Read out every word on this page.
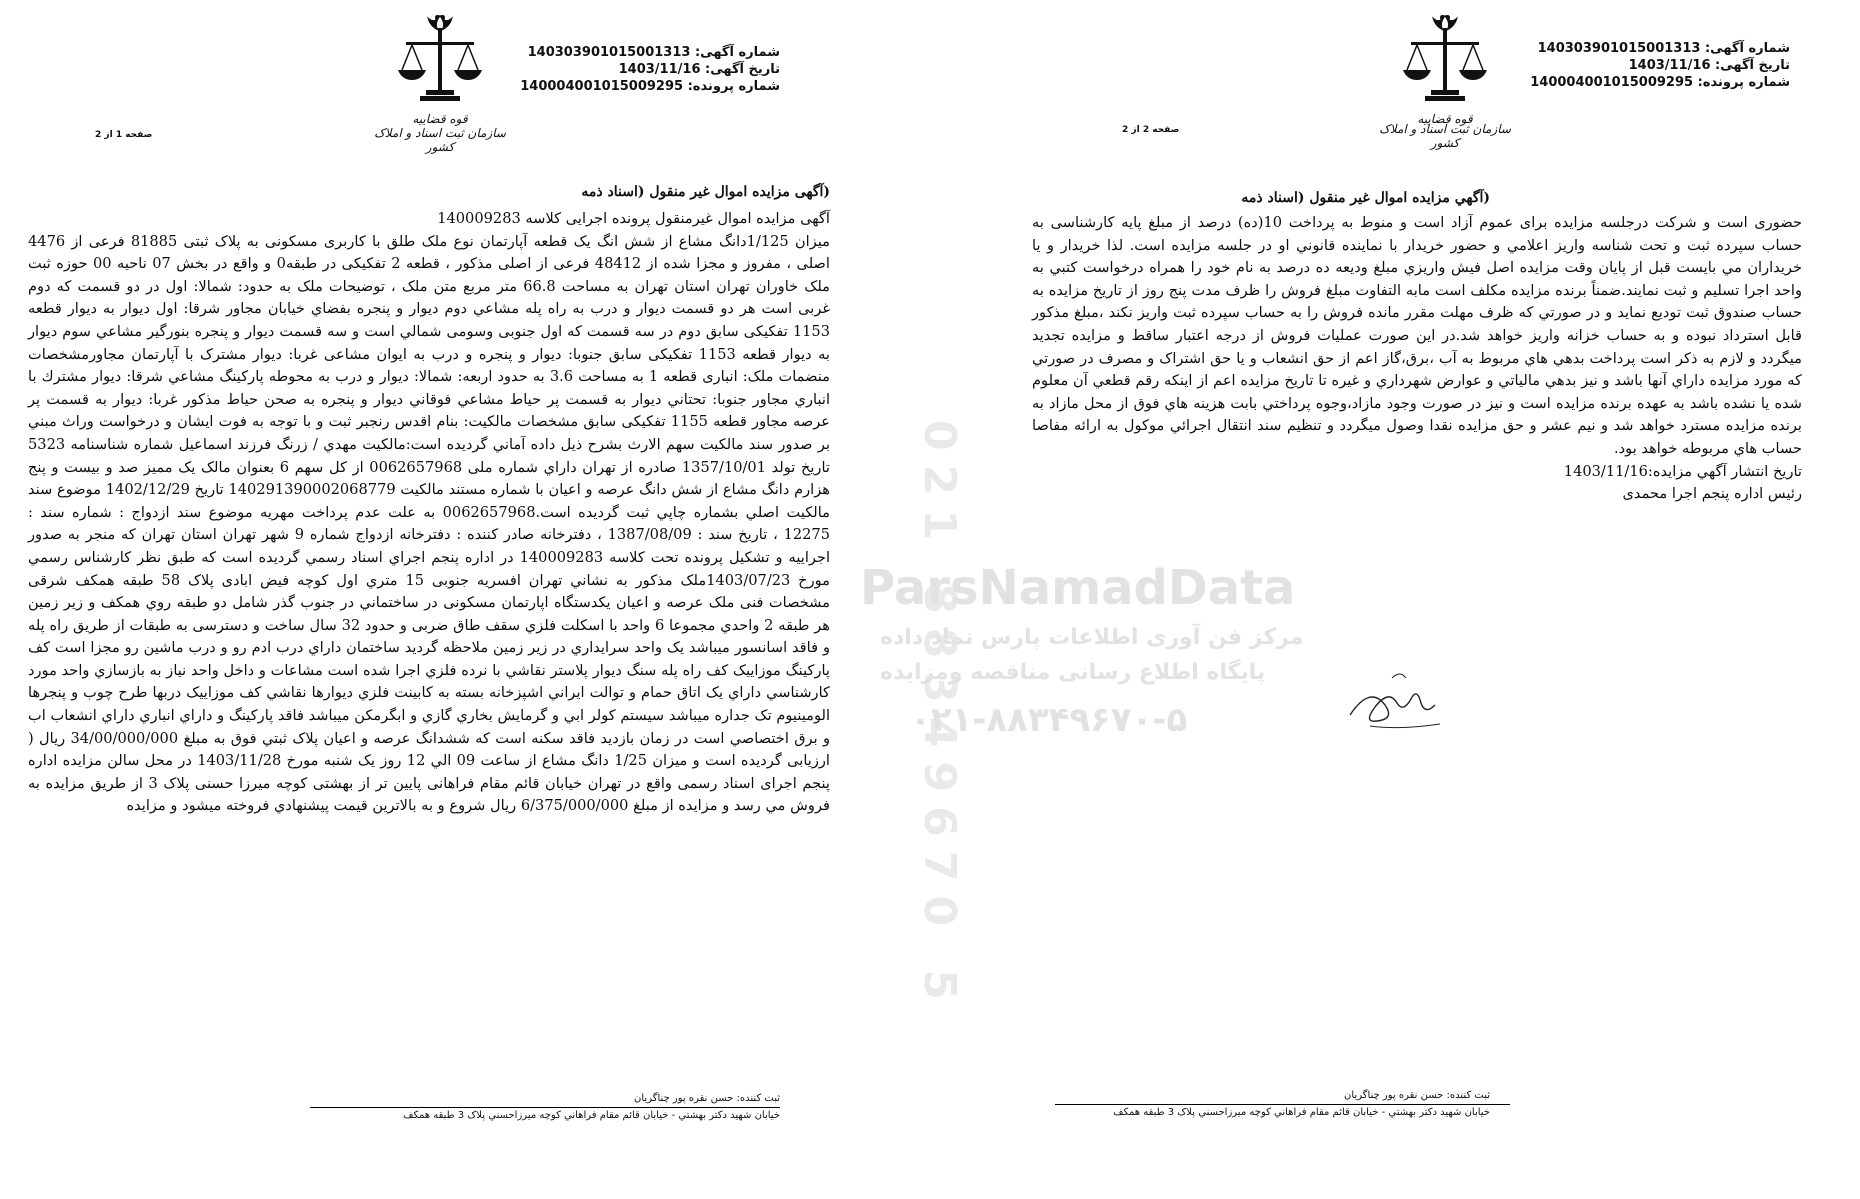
قوه قضاییه
سازمان ثبت اسناد و املاک کشور
شماره آگهی: 140303901015001313
تاریخ آگهی: 1403/11/16
شماره پرونده: 140004001015009295
صفحه 1 از 2
(آگهی مزایده اموال غیر منقول (اسناد ذمه

آگهی مزایده اموال غیرمنقول پرونده اجرایی کلاسه 140009283

میزان 1/125دانگ مشاع از شش انگ یک قطعه آپارتمان نوع ملک طلق با کاربری مسکونی به پلاک ثبتی 81885 فرعی از 4476 اصلی ، مفروز و مجزا شده از 48412 فرعی از اصلی مذکور ، قطعه 2 تفکیکی در طبقه0 و واقع در بخش 07 ناحیه 00 حوزه ثبت ملک خاوران تهران استان تهران به مساحت 66.8 متر مربع متن ملک ، توضیحات ملک به حدود: شمالا: اول در دو قسمت که دوم غربی است هر دو قسمت دیوار و درب به راه پله مشاعي دوم دیوار و پنجره بفضاي خیابان مجاور شرقا: اول دیوار به دیوار قطعه 1153 تفکیکی سابق دوم در سه قسمت که اول جنوبی وسومی شمالي است و سه قسمت دیوار و پنجره بنورگیر مشاعي سوم دیوار به دیوار قطعه 1153 تفکیکی سابق جنوبا: دیوار و پنجره و درب به ایوان مشاعی غربا: دیوار مشترک با آپارتمان مجاورمشخصات منضمات ملک: انباری قطعه 1 به مساحت 3.6 به حدود اربعه: شمالا: دیوار و درب به محوطه پارکینگ مشاعي شرقا: دیوار مشترك با انباري مجاور جنوبا: تحتاني دیوار به قسمت پر حیاط مشاعي فوقاني دیوار و پنجره به صحن حیاط مذکور غربا: دیوار به قسمت پر عرصه مجاور قطعه 1155 تفکیکی سابق مشخصات مالکیت: بنام اقدس رنجبر ثبت و با توجه به فوت ایشان و درخواست وراث مبني بر صدور سند مالکیت سهم الارث بشرح ذیل داده آماني گردیده است:مالکیت مهدي / زرنگ فرزند اسماعیل شماره شناسنامه 5323 تاریخ تولد 1357/10/01 صادره از تهران داراي شماره ملی 0062657968 از کل سهم 6 بعنوان مالک یک ممیز صد و بیست و پنج هزارم دانگ مشاع از شش دانگ عرصه و اعیان با شماره مستند مالکیت 140291390002068779 تاریخ 1402/12/29 موضوع سند مالکیت اصلي بشماره چاپي ثبت گردیده است.0062657968 به علت عدم پرداخت مهریه موضوع سند ازدواج : شماره سند : 12275 ، تاریخ سند : 1387/08/09 ، دفترخانه صادر کننده : دفترخانه ازدواج شماره 9 شهر تهران استان تهران که منجر به صدور اجراییه و تشکیل پرونده تحت کلاسه 140009283 در اداره پنجم اجراي اسناد رسمي گردیده است که طبق نظر کارشناس رسمي مورخ 1403/07/23ملک مذکور به نشاني تهران افسریه جنوبی 15 متري اول کوچه فیض ابادی پلاک 58 طبقه همکف شرقی مشخصات فنی ملک عرصه و اعیان یکدستگاه اپارتمان مسکونی در ساختماني در جنوب گذر شامل دو طبقه روي همکف و زیر زمین هر طبقه 2 واحدي مجموعا 6 واحد با اسکلت فلزي سقف طاق ضربی و حدود 32 سال ساخت و دسترسی به طبقات از طریق راه پله و فاقد اسانسور میباشد یک واحد سرایداري در زیر زمین ملاحظه گردید ساختمان داراي درب ادم رو و درب ماشین رو مجزا است کف پارکینگ موزاییک کف راه پله سنگ دیوار پلاستر نقاشي با نرده فلزي اجرا شده است مشاعات و داخل واحد نیاز به بازسازي واحد مورد کارشناسي داراي یک اتاق حمام و توالت ایراني اشپزخانه بسته به کابینت فلزي دیوارها نقاشي کف موزاییک دربها طرح چوب و پنجرها الومینیوم تک جداره میباشد سیستم کولر ابي و گرمایش بخاري گازي و ابگرمکن میباشد فاقد پارکینگ و داراي انباري داراي انشعاب اب و برق اختصاصي است در زمان بازدید فاقد سکنه است که ششدانگ عرصه و اعیان پلاک ثبتي فوق به مبلغ 34/00/000/000 ریال ( ارزیابی گردیده است و میزان 1/25 دانگ مشاع از ساعت 09 الي 12 روز یک شنبه مورخ 1403/11/28 در محل سالن مزایده اداره پنجم اجرای اسناد رسمی واقع در تهران خیابان قائم مقام فراهانی پایین تر از بهشتی کوچه میرزا حسنی پلاک 3 از طریق مزایده به فروش مي رسد و مزایده از مبلغ 6/375/000/000 ریال شروع و به بالاترین قیمت پیشنهادي فروخته میشود و مزایده

ثبت کننده: حسن نقره پور چناگریان
خیابان شهید دکتر بهشتي - خیابان قائم مقام فراهاني کوچه میرزاحسني پلاک 3 طبقه همکف
قوه قضاییه
سازمان ثبت اسناد و املاک کشور
شماره آگهی: 140303901015001313
تاریخ آگهی: 1403/11/16
شماره پرونده: 140004001015009295
صفحه 2 از 2
(آگهي مزایده اموال غیر منقول (اسناد ذمه

حضوری است و شرکت درجلسه مزایده برای عموم آزاد است و منوط به پرداخت 10(ده) درصد از مبلغ پایه کارشناسی به حساب سپرده ثبت و تحت شناسه واریز اعلامي و حضور خریدار با نماینده قانوني او در جلسه مزایده است. لذا خریدار و یا خریداران مي بایست قبل از پایان وقت مزایده اصل فیش واریزي مبلغ ودیعه ده درصد به نام خود را همراه درخواست کتبي به واحد اجرا تسلیم و ثبت نمایند.ضمناً برنده مزایده مکلف است مابه التفاوت مبلغ فروش را ظرف مدت پنج روز از تاریخ مزایده به حساب صندوق ثبت تودیع نماید و در صورتي که ظرف مهلت مقرر مانده فروش را به حساب سپرده ثبت واریز نکند ،مبلغ مذکور قابل استرداد نبوده و به حساب خزانه واریز خواهد شد.در این صورت عملیات فروش از درجه اعتبار ساقط و مزایده تجدید میگردد و لازم به ذکر است پرداخت بدهي هاي مربوط به آب ،برق،گاز اعم از حق انشعاب و یا حق اشتراک و مصرف در صورتي که مورد مزایده داراي آنها باشد و نیز بدهي مالیاتي و عوارض شهرداري و غیره تا تاریخ مزایده اعم از اینکه رقم قطعي آن معلوم شده یا نشده باشد به عهده برنده مزایده است و نیز در صورت وجود مازاد،وجوه پرداختي بابت هزینه هاي فوق از محل مازاد به برنده مزایده مسترد خواهد شد و نیم عشر و حق مزایده نقدا وصول میگردد و تنظیم سند انتقال اجرائي موکول به ارائه مفاصا حساب هاي مربوطه خواهد بود.

تاریخ انتشار آگهي مزایده:1403/11/16

رئیس اداره پنجم اجرا محمدی

ثبت کننده: حسن نقره پور چناگریان
خیابان شهید دکتر بهشتي - خیابان قائم مقام فراهاني کوچه میرزاحسني پلاک 3 طبقه همکف
021 88349670 5
ParsNamadData
مرکز فن آوری اطلاعات پارس نماد داده
پایگاه اطلاع رسانی مناقصه ومزایده
۰۲۱-۸۸۳۴۹۶۷۰-۵
